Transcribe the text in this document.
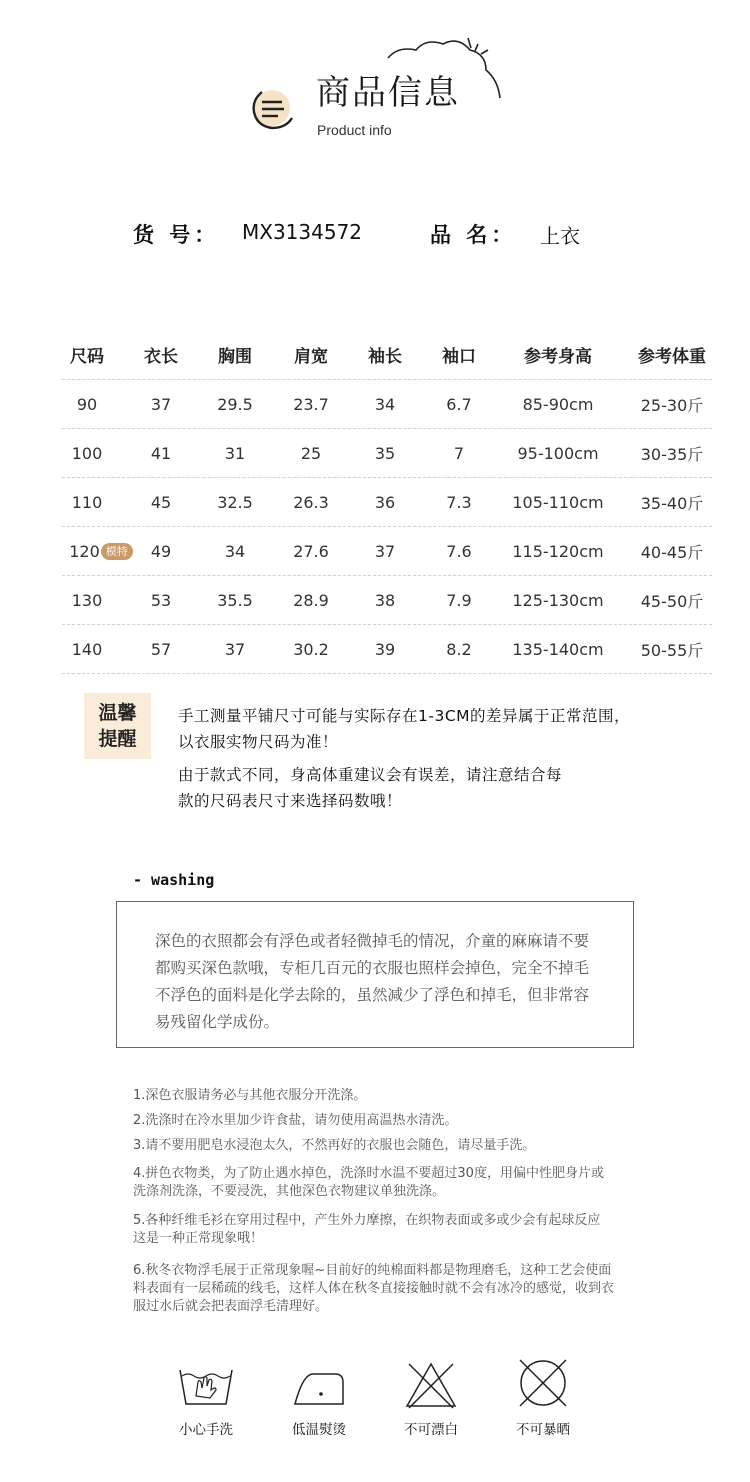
商品信息
Product info
货 号： MX3134572	品 名： 上衣
尺码	衣长	胸围	肩宽	袖长	袖口	参考身高	参考体重
90	37	29.5	23.7	34	6.7	85-90cm	25-30斤
100	41	31	25	35	7	95-100cm	30-35斤
110	45	32.5	26.3	36	7.3	105-110cm	35-40斤
120 模特	49	34	27.6	37	7.6	115-120cm	40-45斤
130	53	35.5	28.9	38	7.9	125-130cm	45-50斤
140	57	37	30.2	39	8.2	135-140cm	50-55斤
温馨
提醒
手工测量平铺尺寸可能与实际存在1-3CM的差异属于正常范围，
以衣服实物尺码为准！
由于款式不同，身高体重建议会有误差，请注意结合每
款的尺码表尺寸来选择码数哦！
- washing
深色的衣照都会有浮色或者轻微掉毛的情况，介童的麻麻请不要都购买深色款哦，专柜几百元的衣服也照样会掉色，完全不掉毛不浮色的面料是化学去除的，虽然减少了浮色和掉毛，但非常容易残留化学成份。
1.深色衣服请务必与其他衣服分开洗涤。
2.洗涤时在冷水里加少许食盐，请勿使用高温热水清洗。
3.请不要用肥皂水浸泡太久，不然再好的衣服也会随色，请尽量手洗。
4.拼色衣物类，为了防止遇水掉色，洗涤时水温不要超过30度，用偏中性肥身片或洗涤剂洗涤，不要浸洗，其他深色衣物建议单独洗涤。
5.各种纤维毛衫在穿用过程中，产生外力摩擦，在织物表面或多或少会有起球反应这是一种正常现象哦！
6.秋冬衣物浮毛展于正常现象喔~目前好的纯棉面料都是物理磨毛，这种工艺会使面料表面有一层稀疏的线毛，这样人体在秋冬直接接触时就不会有冰冷的感觉，收到衣服过水后就会把表面浮毛清理好。
小心手洗	低温熨烫	不可漂白	不可暴晒
